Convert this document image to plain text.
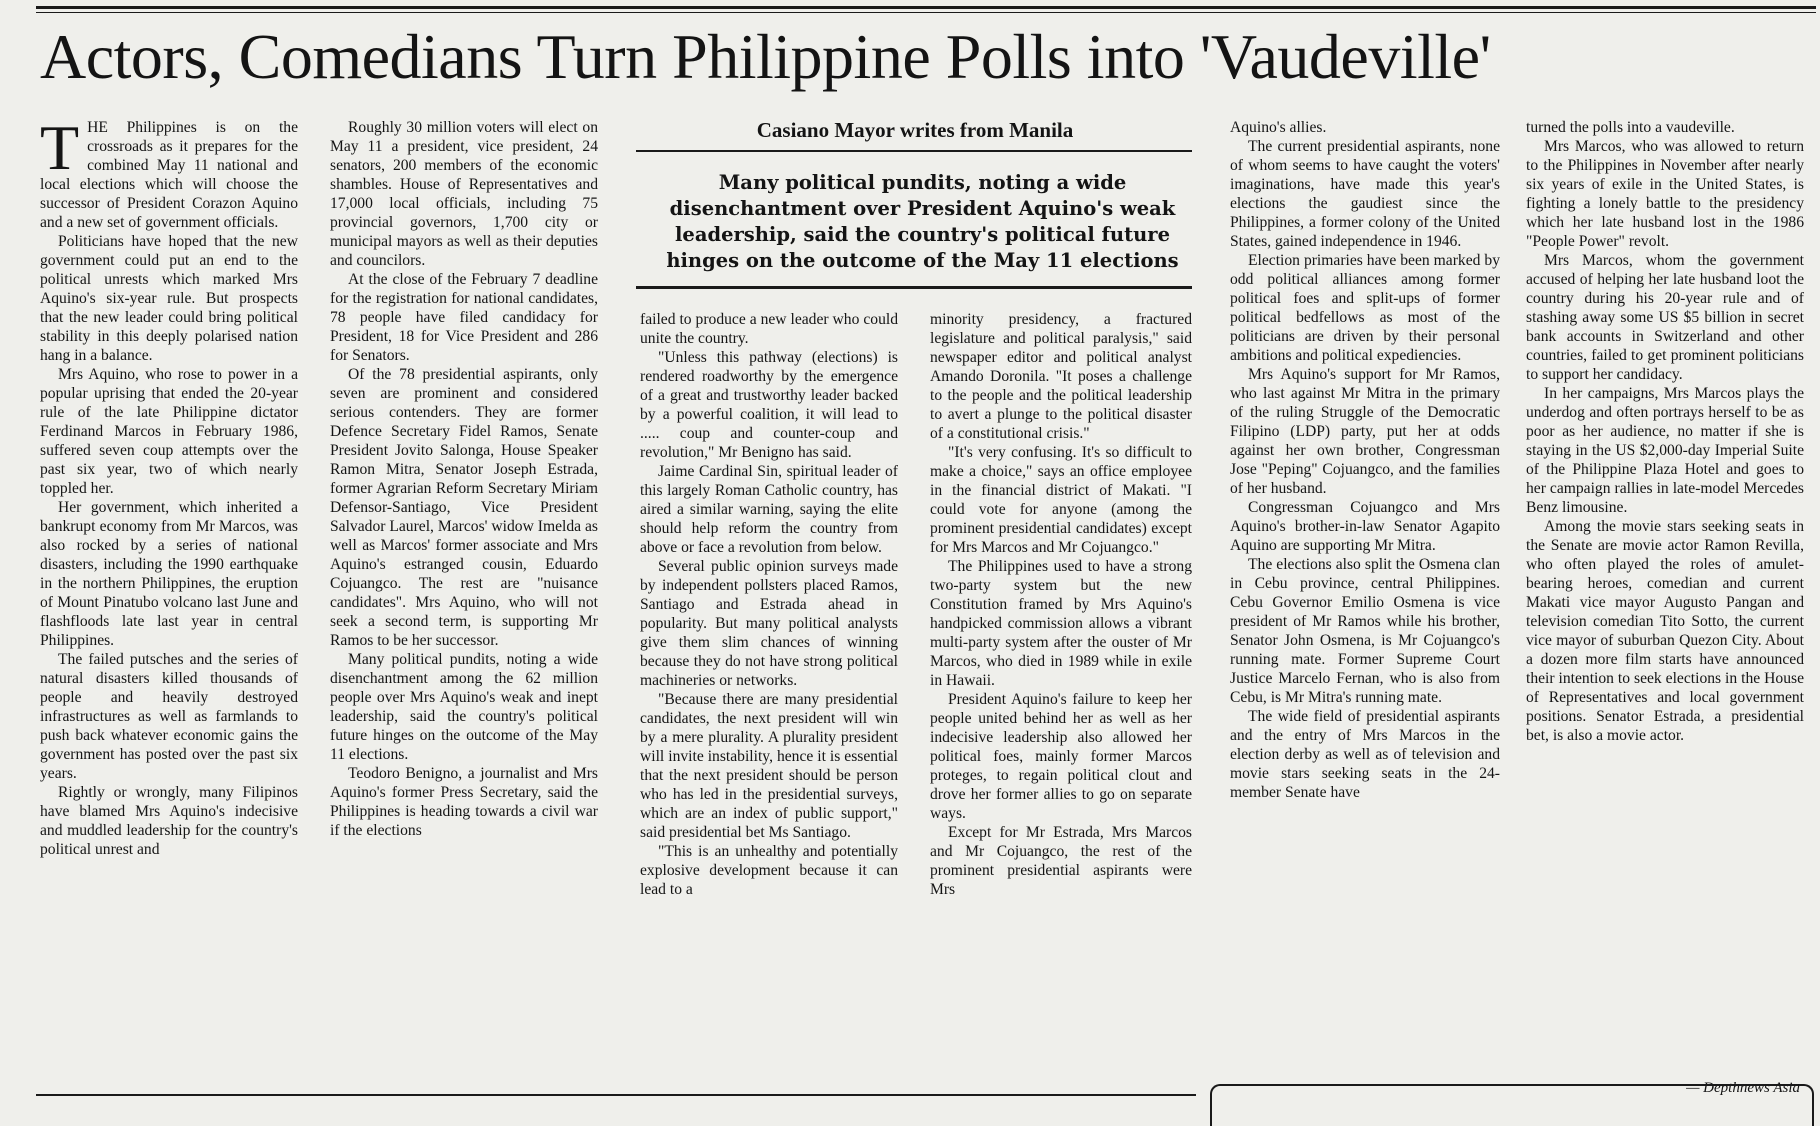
Actors, Comedians Turn Philippine Polls into 'Vaudeville'
T HE Philippines is on the crossroads as it prepares for the combined May 11 national and local elections which will choose the successor of President Corazon Aquino and a new set of government officials.

Politicians have hoped that the new government could put an end to the political unrests which marked Mrs Aquino's six-year rule. But prospects that the new leader could bring political stability in this deeply polarised nation hang in a balance.

Mrs Aquino, who rose to power in a popular uprising that ended the 20-year rule of the late Philippine dictator Ferdinand Marcos in February 1986, suffered seven coup attempts over the past six year, two of which nearly toppled her.

Her government, which inherited a bankrupt economy from Mr Marcos, was also rocked by a series of national disasters, including the 1990 earthquake in the northern Philippines, the eruption of Mount Pinatubo volcano last June and flashfloods late last year in central Philippines.

The failed putsches and the series of natural disasters killed thousands of people and heavily destroyed infrastructures as well as farmlands to push back whatever economic gains the government has posted over the past six years.

Rightly or wrongly, many Filipinos have blamed Mrs Aquino's indecisive and muddled leadership for the country's political unrest and

Roughly 30 million voters will elect on May 11 a president, vice president, 24 senators, 200 members of the economic shambles. House of Representatives and 17,000 local officials, including 75 provincial governors, 1,700 city or municipal mayors as well as their deputies and councilors.

At the close of the February 7 deadline for the registration for national candidates, 78 people have filed candidacy for President, 18 for Vice President and 286 for Senators.

Of the 78 presidential aspirants, only seven are prominent and considered serious contenders. They are former Defence Secretary Fidel Ramos, Senate President Jovito Salonga, House Speaker Ramon Mitra, Senator Joseph Estrada, former Agrarian Reform Secretary Miriam Defensor-Santiago, Vice President Salvador Laurel, Marcos' widow Imelda as well as Marcos' former associate and Mrs Aquino's estranged cousin, Eduardo Cojuangco. The rest are "nuisance candidates". Mrs Aquino, who will not seek a second term, is supporting Mr Ramos to be her successor.

Many political pundits, noting a wide disenchantment among the 62 million people over Mrs Aquino's weak and inept leadership, said the country's political future hinges on the outcome of the May 11 elections.

Teodoro Benigno, a journalist and Mrs Aquino's former Press Secretary, said the Philippines is heading towards a civil war if the elections

Casiano Mayor writes from Manila
Many political pundits, noting a wide disenchantment over President Aquino's weak leadership, said the country's political future hinges on the outcome of the May 11 elections

failed to produce a new leader who could unite the country.

"Unless this pathway (elections) is rendered roadworthy by the emergence of a great and trustworthy leader backed by a powerful coalition, it will lead to ..... coup and counter-coup and revolution," Mr Benigno has said.

Jaime Cardinal Sin, spiritual leader of this largely Roman Catholic country, has aired a similar warning, saying the elite should help reform the country from above or face a revolution from below.

Several public opinion surveys made by independent pollsters placed Ramos, Santiago and Estrada ahead in popularity. But many political analysts give them slim chances of winning because they do not have strong political machineries or networks.

"Because there are many presidential candidates, the next president will win by a mere plurality. A plurality president will invite instability, hence it is essential that the next president should be person who has led in the presidential surveys, which are an index of public support," said presidential bet Ms Santiago.

"This is an unhealthy and potentially explosive development because it can lead to a

minority presidency, a fractured legislature and political paralysis," said newspaper editor and political analyst Amando Doronila. "It poses a challenge to the people and the political leadership to avert a plunge to the political disaster of a constitutional crisis."

"It's very confusing. It's so difficult to make a choice," says an office employee in the financial district of Makati. "I could vote for anyone (among the prominent presidential candidates) except for Mrs Marcos and Mr Cojuangco."

The Philippines used to have a strong two-party system but the new Constitution framed by Mrs Aquino's handpicked commission allows a vibrant multi-party system after the ouster of Mr Marcos, who died in 1989 while in exile in Hawaii.

President Aquino's failure to keep her people united behind her as well as her indecisive leadership also allowed her political foes, mainly former Marcos proteges, to regain political clout and drove her former allies to go on separate ways.

Except for Mr Estrada, Mrs Marcos and Mr Cojuangco, the rest of the prominent presidential aspirants were Mrs

Aquino's allies.

The current presidential aspirants, none of whom seems to have caught the voters' imaginations, have made this year's elections the gaudiest since the Philippines, a former colony of the United States, gained independence in 1946.

Election primaries have been marked by odd political alliances among former political foes and split-ups of former political bedfellows as most of the politicians are driven by their personal ambitions and political expediencies.

Mrs Aquino's support for Mr Ramos, who last against Mr Mitra in the primary of the ruling Struggle of the Democratic Filipino (LDP) party, put her at odds against her own brother, Congressman Jose "Peping" Cojuangco, and the families of her husband.

Congressman Cojuangco and Mrs Aquino's brother-in-law Senator Agapito Aquino are supporting Mr Mitra.

The elections also split the Osmena clan in Cebu province, central Philippines. Cebu Governor Emilio Osmena is vice president of Mr Ramos while his brother, Senator John Osmena, is Mr Cojuangco's running mate. Former Supreme Court Justice Marcelo Fernan, who is also from Cebu, is Mr Mitra's running mate.

The wide field of presidential aspirants and the entry of Mrs Marcos in the election derby as well as of television and movie stars seeking seats in the 24-member Senate have

turned the polls into a vaudeville.

Mrs Marcos, who was allowed to return to the Philippines in November after nearly six years of exile in the United States, is fighting a lonely battle to the presidency which her late husband lost in the 1986 "People Power" revolt.

Mrs Marcos, whom the government accused of helping her late husband loot the country during his 20-year rule and of stashing away some US $5 billion in secret bank accounts in Switzerland and other countries, failed to get prominent politicians to support her candidacy.

In her campaigns, Mrs Marcos plays the underdog and often portrays herself to be as poor as her audience, no matter if she is staying in the US $2,000-day Imperial Suite of the Philippine Plaza Hotel and goes to her campaign rallies in late-model Mercedes Benz limousine.

Among the movie stars seeking seats in the Senate are movie actor Ramon Revilla, who often played the roles of amulet-bearing heroes, comedian and current Makati vice mayor Augusto Pangan and television comedian Tito Sotto, the current vice mayor of suburban Quezon City. About a dozen more film starts have announced their intention to seek elections in the House of Representatives and local government positions. Senator Estrada, a presidential bet, is also a movie actor.

— Depthnews Asia
